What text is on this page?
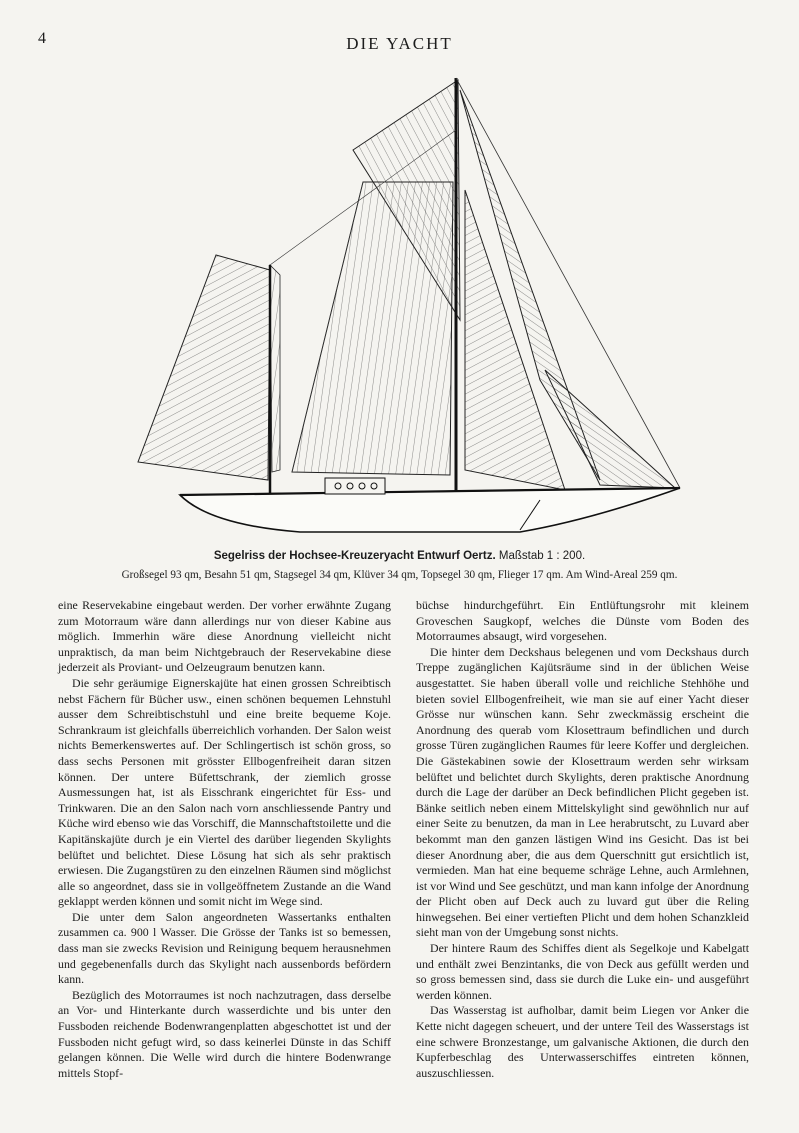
4	DIE YACHT
Segelriss der Hochsee-Kreuzeryacht Entwurf Oertz. Maßstab 1 : 200.
Großsegel 93 qm, Besahn 51 qm, Stagsegel 34 qm, Klüver 34 qm, Topsegel 30 qm, Flieger 17 qm. Am Wind-Areal 259 qm.

eine Reservekabine eingebaut werden. Der vorher erwähnte Zugang zum Motorraum wäre dann allerdings nur von dieser Kabine aus möglich. Immerhin wäre diese Anordnung vielleicht nicht unpraktisch, da man beim Nichtgebrauch der Reservekabine diese jederzeit als Proviant- und Oelzeugraum benutzen kann.

Die sehr geräumige Eignerskajüte hat einen grossen Schreibtisch nebst Fächern für Bücher usw., einen schönen bequemen Lehnstuhl ausser dem Schreibtischstuhl und eine breite bequeme Koje. Schrankraum ist gleichfalls überreichlich vorhanden. Der Salon weist nichts Bemerkenswertes auf. Der Schlingertisch ist schön gross, so dass sechs Personen mit grösster Ellbogenfreiheit daran sitzen können. Der untere Büfettschrank, der ziemlich grosse Ausmessungen hat, ist als Eisschrank eingerichtet für Ess- und Trinkwaren. Die an den Salon nach vorn anschliessende Pantry und Küche wird ebenso wie das Vorschiff, die Mannschaftstoilette und die Kapitänskajüte durch je ein Viertel des darüber liegenden Skylights belüftet und belichtet. Diese Lösung hat sich als sehr praktisch erwiesen. Die Zugangstüren zu den einzelnen Räumen sind möglichst alle so angeordnet, dass sie in vollgeöffnetem Zustande an die Wand geklappt werden können und somit nicht im Wege sind.

Die unter dem Salon angeordneten Wassertanks enthalten zusammen ca. 900 l Wasser. Die Grösse der Tanks ist so bemessen, dass man sie zwecks Revision und Reinigung bequem herausnehmen und gegebenenfalls durch das Skylight nach aussenbords befördern kann.

Bezüglich des Motorraumes ist noch nachzutragen, dass derselbe an Vor- und Hinterkante durch wasserdichte und bis unter den Fussboden reichende Bodenwrangenplatten abgeschottet ist und der Fussboden nicht gefugt wird, so dass keinerlei Dünste in das Schiff gelangen können. Die Welle wird durch die hintere Bodenwrange mittels Stopf-

büchse hindurchgeführt. Ein Entlüftungsrohr mit kleinem Groveschen Saugkopf, welches die Dünste vom Boden des Motorraumes absaugt, wird vorgesehen.

Die hinter dem Deckshaus belegenen und vom Deckshaus durch Treppe zugänglichen Kajütsräume sind in der üblichen Weise ausgestattet. Sie haben überall volle und reichliche Stehhöhe und bieten soviel Ellbogenfreiheit, wie man sie auf einer Yacht dieser Grösse nur wünschen kann. Sehr zweckmässig erscheint die Anordnung des querab vom Klosettraum befindlichen und durch grosse Türen zugänglichen Raumes für leere Koffer und dergleichen. Die Gästekabinen sowie der Klosettraum werden sehr wirksam belüftet und belichtet durch Skylights, deren praktische Anordnung durch die Lage der darüber an Deck befindlichen Plicht gegeben ist. Bänke seitlich neben einem Mittelskylight sind gewöhnlich nur auf einer Seite zu benutzen, da man in Lee herabrutscht, zu Luvard aber bekommt man den ganzen lästigen Wind ins Gesicht. Das ist bei dieser Anordnung aber, die aus dem Querschnitt gut ersichtlich ist, vermieden. Man hat eine bequeme schräge Lehne, auch Armlehnen, ist vor Wind und See geschützt, und man kann infolge der Anordnung der Plicht oben auf Deck auch zu luvard gut über die Reling hinwegsehen. Bei einer vertieften Plicht und dem hohen Schanzkleid sieht man von der Umgebung sonst nichts.

Der hintere Raum des Schiffes dient als Segelkoje und Kabelgatt und enthält zwei Benzintanks, die von Deck aus gefüllt werden und so gross bemessen sind, dass sie durch die Luke ein- und ausgeführt werden können.

Das Wasserstag ist aufholbar, damit beim Liegen vor Anker die Kette nicht dagegen scheuert, und der untere Teil des Wasserstags ist eine schwere Bronzestange, um galvanische Aktionen, die durch den Kupferbeschlag des Unterwasserschiffes eintreten können, auszuschliessen.
